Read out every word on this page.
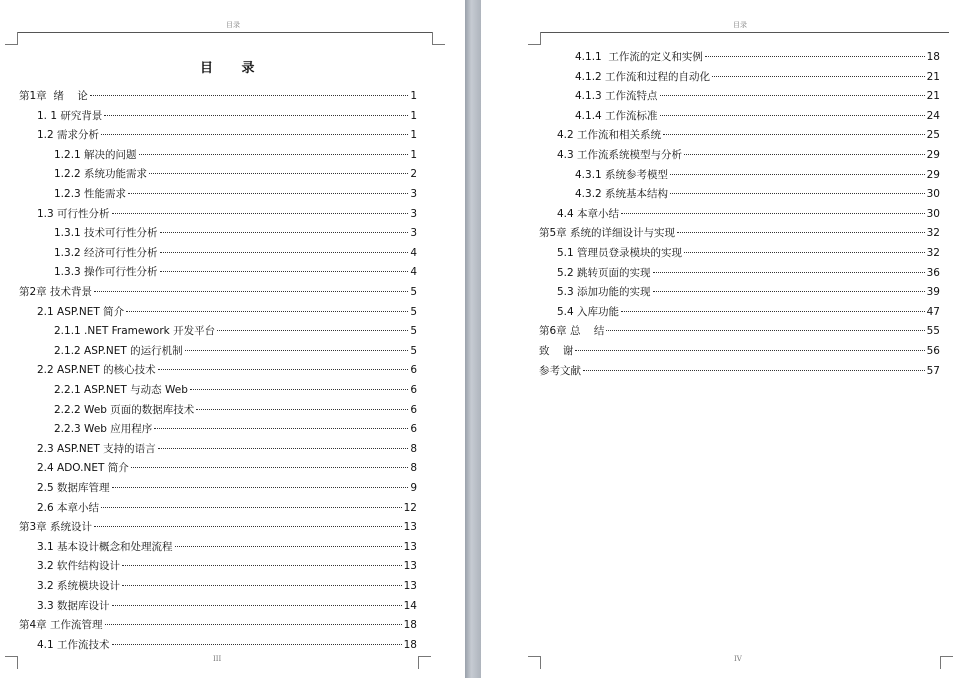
目录
目 录
第1章  绪    论	1
1. 1 研究背景	1
1.2 需求分析	1
1.2.1 解决的问题	1
1.2.2 系统功能需求	2
1.2.3 性能需求	3
1.3 可行性分析	3
1.3.1 技术可行性分析	3
1.3.2 经济可行性分析	4
1.3.3 操作可行性分析	4
第2章 技术背景	5
2.1 ASP.NET 简介	5
2.1.1 .NET Framework 开发平台	5
2.1.2 ASP.NET 的运行机制	5
2.2 ASP.NET 的核心技术	6
2.2.1 ASP.NET 与动态 Web	6
2.2.2 Web 页面的数据库技术	6
2.2.3 Web 应用程序	6
2.3 ASP.NET 支持的语言	8
2.4 ADO.NET 简介	8
2.5 数据库管理	9
2.6 本章小结	12
第3章 系统设计	13
3.1 基本设计概念和处理流程	13
3.2 软件结构设计	13
3.2 系统模块设计	13
3.3 数据库设计	14
第4章 工作流管理	18
4.1 工作流技术	18
III
目录
4.1.1  工作流的定义和实例	18
4.1.2 工作流和过程的自动化	21
4.1.3 工作流特点	21
4.1.4 工作流标准	24
4.2 工作流和相关系统	25
4.3 工作流系统模型与分析	29
4.3.1 系统参考模型	29
4.3.2 系统基本结构	30
4.4 本章小结	30
第5章 系统的详细设计与实现	32
5.1 管理员登录模块的实现	32
5.2 跳转页面的实现	36
5.3 添加功能的实现	39
5.4 入库功能	47
第6章 总    结	55
致    谢	56
参考文献	57
IV
